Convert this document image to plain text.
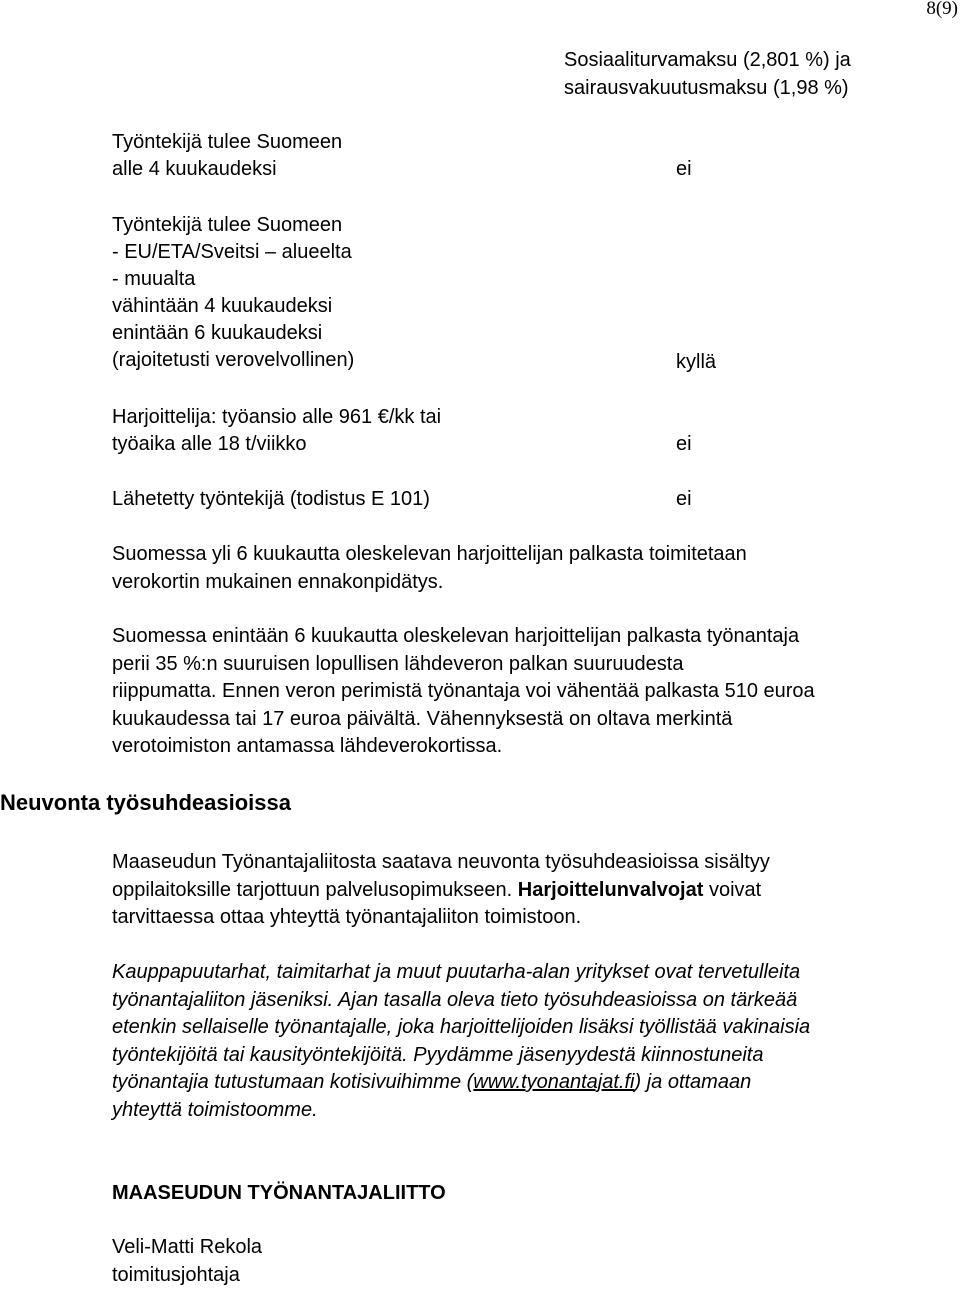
8(9)
Sosiaaliturvamaksu (2,801 %) ja
sairausvakuutusmaksu (1,98 %)
Työntekijä tulee Suomeen
alle 4 kuukaudeksi	ei
Työntekijä tulee Suomeen
- EU/ETA/Sveitsi – alueelta
- muualta
vähintään 4 kuukaudeksi
enintään 6 kuukaudeksi
(rajoitetusti verovelvollinen)	kyllä
Harjoittelija: työansio alle 961 €/kk tai
työaika alle 18 t/viikko	ei
Lähetetty työntekijä (todistus E 101)	ei
Suomessa yli 6 kuukautta oleskelevan harjoittelijan palkasta toimitetaan
verokortin mukainen ennakonpidätys.
Suomessa enintään 6 kuukautta oleskelevan harjoittelijan palkasta työnantaja
perii 35 %:n suuruisen lopullisen lähdeveron palkan suuruudesta
riippumatta. Ennen veron perimistä työnantaja voi vähentää palkasta 510 euroa
kuukaudessa tai 17 euroa päivältä. Vähennyksestä on oltava merkintä
verotoimiston antamassa lähdeverokortissa.
Neuvonta työsuhdeasioissa
Maaseudun Työnantajaliitosta saatava neuvonta työsuhdeasioissa sisältyy
oppilaitoksille tarjottuun palvelusopimukseen. Harjoittelunvalvojat voivat
tarvittaessa ottaa yhteyttä työnantajaliiton toimistoon.
Kauppapuutarhat, taimitarhat ja muut puutarha-alan yritykset ovat tervetulleita
työnantajaliiton jäseniksi. Ajan tasalla oleva tieto työsuhdeasioissa on tärkeää
etenkin sellaiselle työnantajalle, joka harjoittelijoiden lisäksi työllistää vakinaisia
työntekijöitä tai kausityöntekijöitä. Pyydämme jäsenyydestä kiinnostuneita
työnantajia tutustumaan kotisivuihimme (www.tyonantajat.fi) ja ottamaan
yhteyttä toimistoomme.
MAASEUDUN TYÖNANTAJALIITTO
Veli-Matti Rekola
toimitusjohtaja
